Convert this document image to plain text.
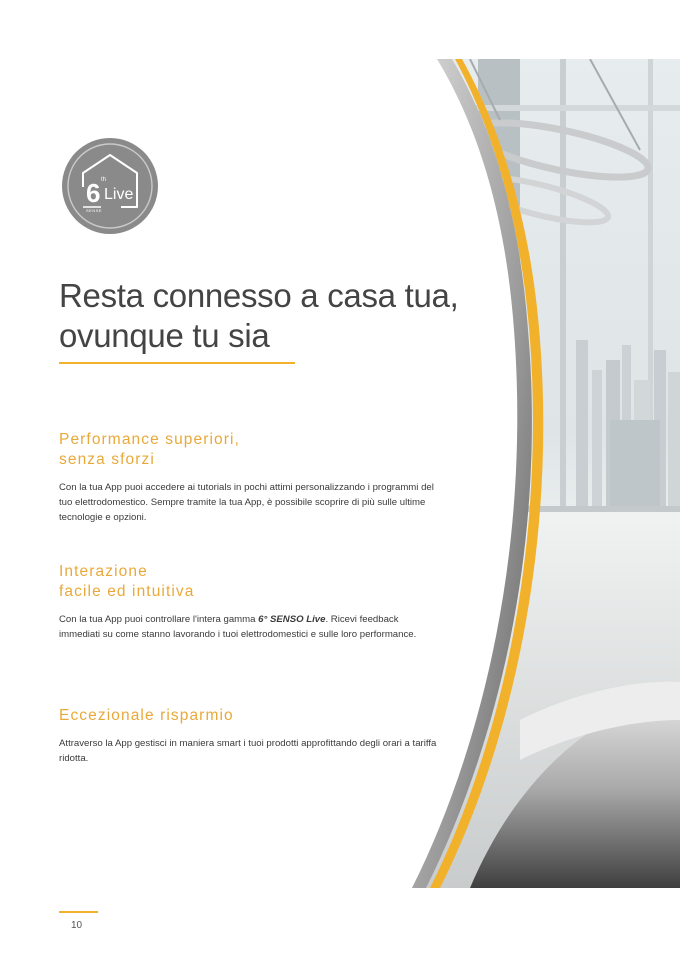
6 th
Live
SENSE
Resta connesso a casa tua,
ovunque tu sia
Performance superiori,
senza sforzi

Con la tua App puoi accedere ai tutorials in pochi attimi personalizzando i programmi del tuo elettrodomestico. Sempre tramite la tua App, è possibile scoprire di più sulle ultime tecnologie e opzioni.

Interazione
facile ed intuitiva

Con la tua App puoi controllare l'intera gamma 6° SENSO Live. Ricevi feedback immediati su come stanno lavorando i tuoi elettrodomestici e sulle loro performance.

Eccezionale risparmio

Attraverso la App gestisci in maniera smart i tuoi prodotti approfittando degli orari a tariffa ridotta.

10
